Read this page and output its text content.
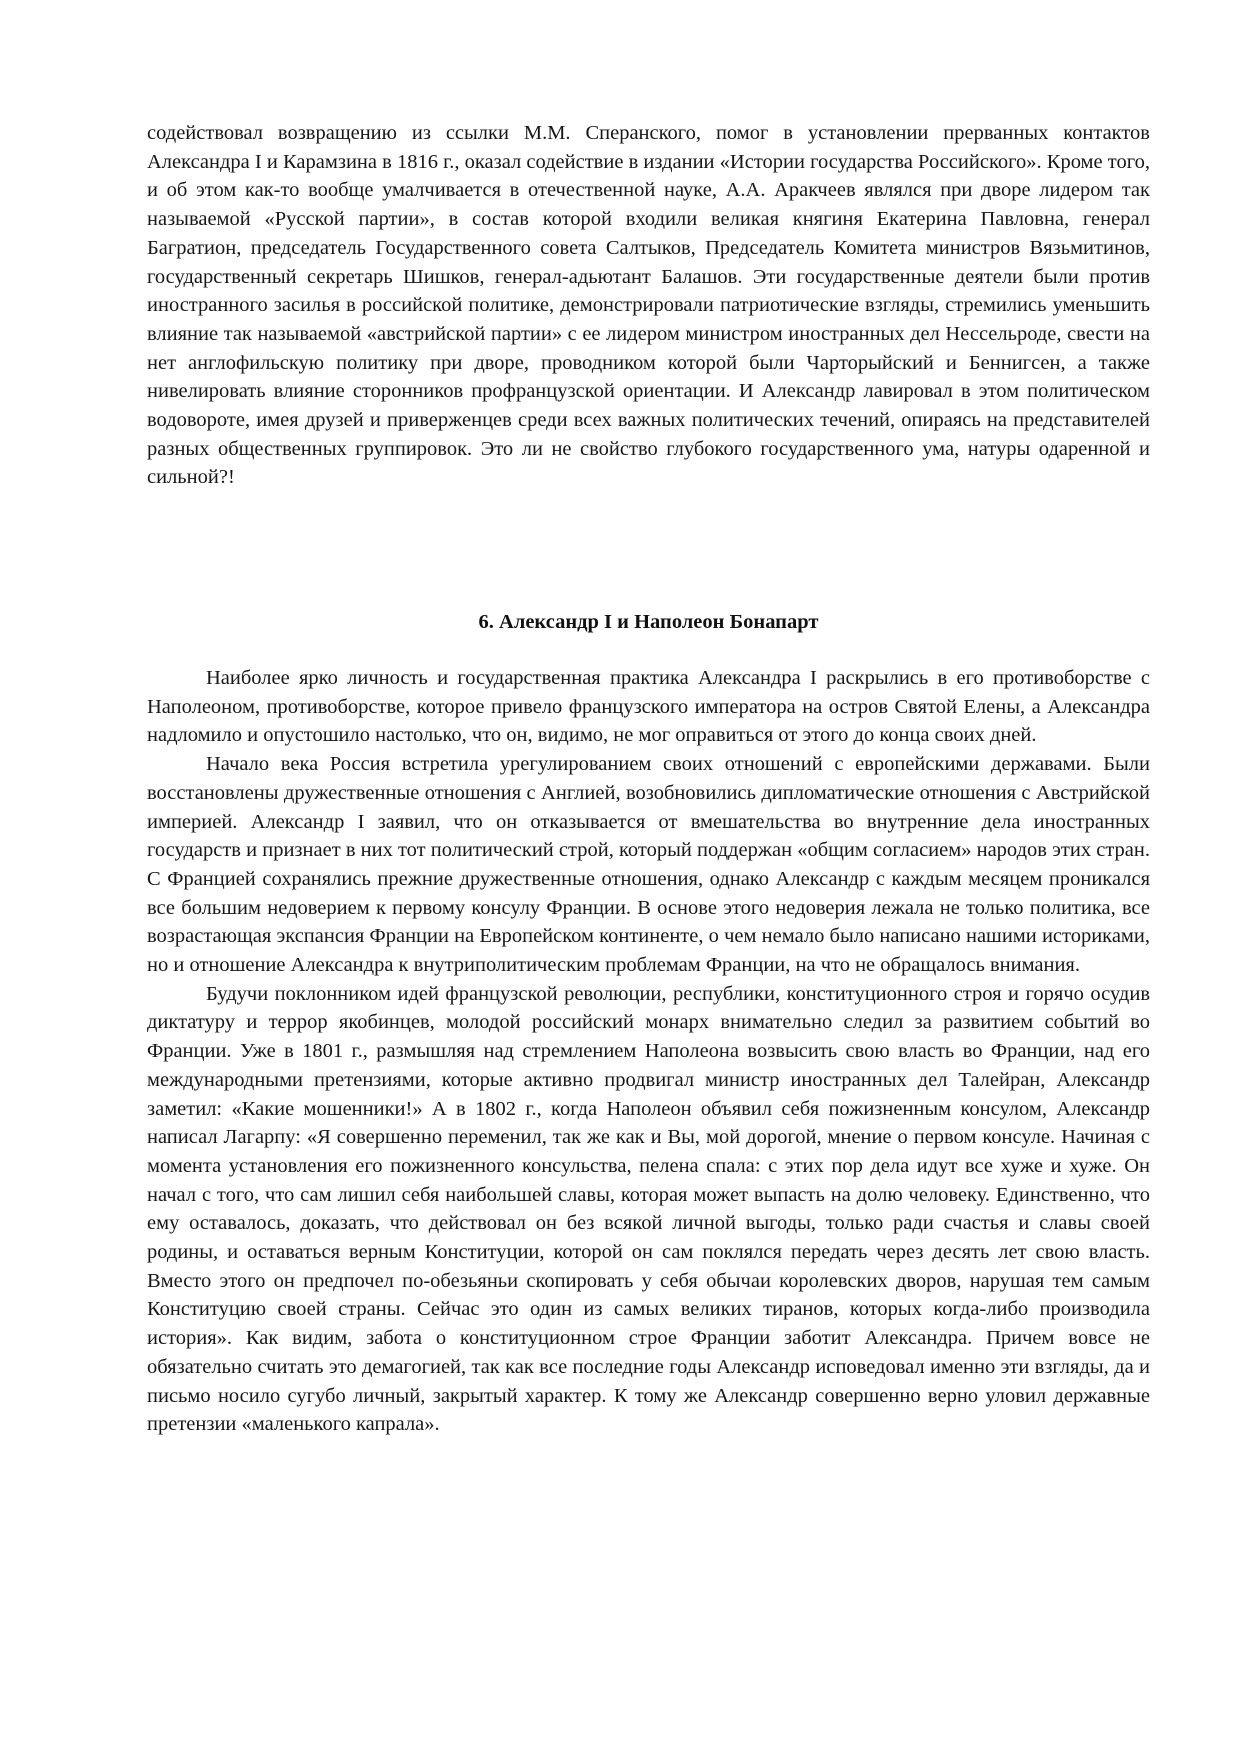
содействовал возвращению из ссылки М.М. Сперанского, помог в установлении прерванных контактов Александра I и Карамзина в 1816 г., оказал содействие в издании «Истории государства Российского». Кроме того, и об этом как-то вообще умалчивается в отечественной науке, А.А. Аракчеев являлся при дворе лидером так называемой «Русской партии», в состав которой входили великая княгиня Екатерина Павловна, генерал Багратион, председатель Государственного совета Салтыков, Председатель Комитета министров Вязьмитинов, государственный секретарь Шишков, генерал-адьютант Балашов. Эти государственные деятели были против иностранного засилья в российской политике, демонстрировали патриотические взгляды, стремились уменьшить влияние так называемой «австрийской партии» с ее лидером министром иностранных дел Нессельроде, свести на нет англофильскую политику при дворе, проводником которой были Чарторыйский и Беннигсен, а также нивелировать влияние сторонников профранцузской ориентации. И Александр лавировал в этом политическом водовороте, имея друзей и приверженцев среди всех важных политических течений, опираясь на представителей разных общественных группировок. Это ли не свойство глубокого государственного ума, натуры одаренной и сильной?!

6. Александр I и Наполеон Бонапарт

Наиболее ярко личность и государственная практика Александра I раскрылись в его противоборстве с Наполеоном, противоборстве, которое привело французского императора на остров Святой Елены, а Александра надломило и опустошило настолько, что он, видимо, не мог оправиться от этого до конца своих дней.

Начало века Россия встретила урегулированием своих отношений с европейскими державами. Были восстановлены дружественные отношения с Англией, возобновились дипломатические отношения с Австрийской империей. Александр I заявил, что он отказывается от вмешательства во внутренние дела иностранных государств и признает в них тот политический строй, который поддержан «общим согласием» народов этих стран. С Францией сохранялись прежние дружественные отношения, однако Александр с каждым месяцем проникался все большим недоверием к первому консулу Франции. В основе этого недоверия лежала не только политика, все возрастающая экспансия Франции на Европейском континенте, о чем немало было написано нашими историками, но и отношение Александра к внутриполитическим проблемам Франции, на что не обращалось внимания.

Будучи поклонником идей французской революции, республики, конституционного строя и горячо осудив диктатуру и террор якобинцев, молодой российский монарх внимательно следил за развитием событий во Франции. Уже в 1801 г., размышляя над стремлением Наполеона возвысить свою власть во Франции, над его международными претензиями, которые активно продвигал министр иностранных дел Талейран, Александр заметил: «Какие мошенники!» А в 1802 г., когда Наполеон объявил себя пожизненным консулом, Александр написал Лагарпу: «Я совершенно переменил, так же как и Вы, мой дорогой, мнение о первом консуле. Начиная с момента установления его пожизненного консульства, пелена спала: с этих пор дела идут все хуже и хуже. Он начал с того, что сам лишил себя наибольшей славы, которая может выпасть на долю человеку. Единственно, что ему оставалось, доказать, что действовал он без всякой личной выгоды, только ради счастья и славы своей родины, и оставаться верным Конституции, которой он сам поклялся передать через десять лет свою власть. Вместо этого он предпочел по-обезьяньи скопировать у себя обычаи королевских дворов, нарушая тем самым Конституцию своей страны. Сейчас это один из самых великих тиранов, которых когда-либо производила история». Как видим, забота о конституционном строе Франции заботит Александра. Причем вовсе не обязательно считать это демагогией, так как все последние годы Александр исповедовал именно эти взгляды, да и письмо носило сугубо личный, закрытый характер. К тому же Александр совершенно верно уловил державные претензии «маленького капрала».
